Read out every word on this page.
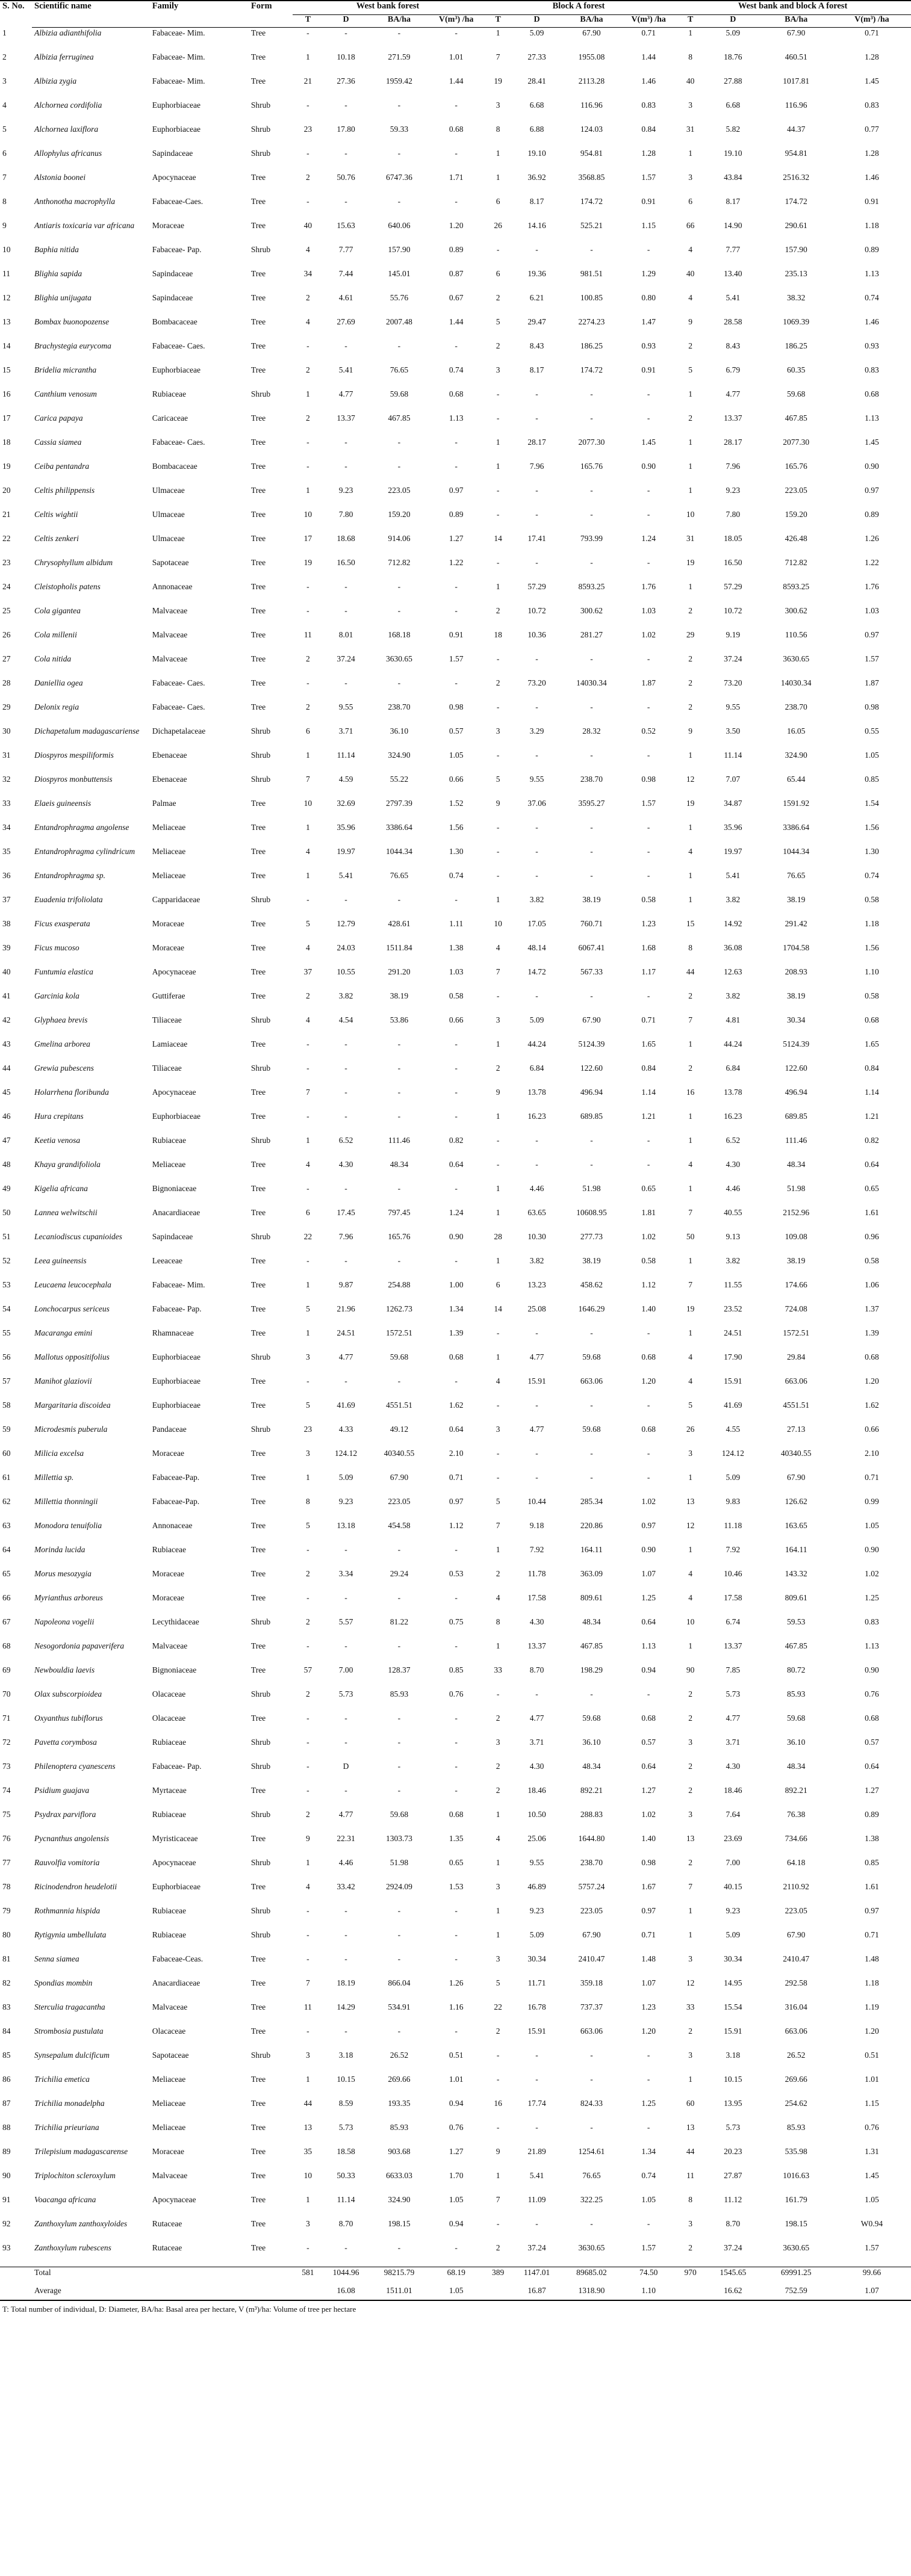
S. No.	Scientific name	Family	Form	West bank forest				Block A forest				West bank and block A forest			
				T	D	BA/ha	V(m³) /ha	T	D	BA/ha	V(m³) /ha	T	D	BA/ha	V(m³) /ha
1	Albizia adianthifolia	Fabaceae- Mim.	Tree	-	-	-	-	1	5.09	67.90	0.71	1	5.09	67.90	0.71
2	Albizia ferruginea	Fabaceae- Mim.	Tree	1	10.18	271.59	1.01	7	27.33	1955.08	1.44	8	18.76	460.51	1.28
3	Albizia zygia	Fabaceae- Mim.	Tree	21	27.36	1959.42	1.44	19	28.41	2113.28	1.46	40	27.88	1017.81	1.45
4	Alchornea cordifolia	Euphorbiaceae	Shrub	-	-	-	-	3	6.68	116.96	0.83	3	6.68	116.96	0.83
5	Alchornea laxiflora	Euphorbiaceae	Shrub	23	17.80	59.33	0.68	8	6.88	124.03	0.84	31	5.82	44.37	0.77
6	Allophylus africanus	Sapindaceae	Shrub	-	-	-	-	1	19.10	954.81	1.28	1	19.10	954.81	1.28
7	Alstonia boonei	Apocynaceae	Tree	2	50.76	6747.36	1.71	1	36.92	3568.85	1.57	3	43.84	2516.32	1.46
8	Anthonotha macrophylla	Fabaceae-Caes.	Tree	-	-	-	-	6	8.17	174.72	0.91	6	8.17	174.72	0.91
9	Antiaris toxicaria var africana	Moraceae	Tree	40	15.63	640.06	1.20	26	14.16	525.21	1.15	66	14.90	290.61	1.18
10	Baphia nitida	Fabaceae- Pap.	Shrub	4	7.77	157.90	0.89	-	-	-	-	4	7.77	157.90	0.89
11	Blighia sapida	Sapindaceae	Tree	34	7.44	145.01	0.87	6	19.36	981.51	1.29	40	13.40	235.13	1.13
12	Blighia unijugata	Sapindaceae	Tree	2	4.61	55.76	0.67	2	6.21	100.85	0.80	4	5.41	38.32	0.74
13	Bombax buonopozense	Bombacaceae	Tree	4	27.69	2007.48	1.44	5	29.47	2274.23	1.47	9	28.58	1069.39	1.46
14	Brachystegia eurycoma	Fabaceae- Caes.	Tree	-	-	-	-	2	8.43	186.25	0.93	2	8.43	186.25	0.93
15	Bridelia micrantha	Euphorbiaceae	Tree	2	5.41	76.65	0.74	3	8.17	174.72	0.91	5	6.79	60.35	0.83
16	Canthium venosum	Rubiaceae	Shrub	1	4.77	59.68	0.68	-	-	-	-	1	4.77	59.68	0.68
17	Carica papaya	Caricaceae	Tree	2	13.37	467.85	1.13	-	-	-	-	2	13.37	467.85	1.13
18	Cassia siamea	Fabaceae- Caes.	Tree	-	-	-	-	1	28.17	2077.30	1.45	1	28.17	2077.30	1.45
19	Ceiba pentandra	Bombacaceae	Tree	-	-	-	-	1	7.96	165.76	0.90	1	7.96	165.76	0.90
20	Celtis philippensis	Ulmaceae	Tree	1	9.23	223.05	0.97	-	-	-	-	1	9.23	223.05	0.97
21	Celtis wightii	Ulmaceae	Tree	10	7.80	159.20	0.89	-	-	-	-	10	7.80	159.20	0.89
22	Celtis zenkeri	Ulmaceae	Tree	17	18.68	914.06	1.27	14	17.41	793.99	1.24	31	18.05	426.48	1.26
23	Chrysophyllum albidum	Sapotaceae	Tree	19	16.50	712.82	1.22	-	-	-	-	19	16.50	712.82	1.22
24	Cleistopholis patens	Annonaceae	Tree	-	-	-	-	1	57.29	8593.25	1.76	1	57.29	8593.25	1.76
25	Cola gigantea	Malvaceae	Tree	-	-	-	-	2	10.72	300.62	1.03	2	10.72	300.62	1.03
26	Cola millenii	Malvaceae	Tree	11	8.01	168.18	0.91	18	10.36	281.27	1.02	29	9.19	110.56	0.97
27	Cola nitida	Malvaceae	Tree	2	37.24	3630.65	1.57	-	-	-	-	2	37.24	3630.65	1.57
28	Daniellia ogea	Fabaceae- Caes.	Tree	-	-	-	-	2	73.20	14030.34	1.87	2	73.20	14030.34	1.87
29	Delonix regia	Fabaceae- Caes.	Tree	2	9.55	238.70	0.98	-	-	-	-	2	9.55	238.70	0.98
30	Dichapetalum madagascariense	Dichapetalaceae	Shrub	6	3.71	36.10	0.57	3	3.29	28.32	0.52	9	3.50	16.05	0.55
31	Diospyros mespiliformis	Ebenaceae	Shrub	1	11.14	324.90	1.05	-	-	-	-	1	11.14	324.90	1.05
32	Diospyros monbuttensis	Ebenaceae	Shrub	7	4.59	55.22	0.66	5	9.55	238.70	0.98	12	7.07	65.44	0.85
33	Elaeis guineensis	Palmae	Tree	10	32.69	2797.39	1.52	9	37.06	3595.27	1.57	19	34.87	1591.92	1.54
34	Entandrophragma angolense	Meliaceae	Tree	1	35.96	3386.64	1.56	-	-	-	-	1	35.96	3386.64	1.56
35	Entandrophragma cylindricum	Meliaceae	Tree	4	19.97	1044.34	1.30	-	-	-	-	4	19.97	1044.34	1.30
36	Entandrophragma sp.	Meliaceae	Tree	1	5.41	76.65	0.74	-	-	-	-	1	5.41	76.65	0.74
37	Euadenia trifoliolata	Capparidaceae	Shrub	-	-	-	-	1	3.82	38.19	0.58	1	3.82	38.19	0.58
38	Ficus exasperata	Moraceae	Tree	5	12.79	428.61	1.11	10	17.05	760.71	1.23	15	14.92	291.42	1.18
39	Ficus mucoso	Moraceae	Tree	4	24.03	1511.84	1.38	4	48.14	6067.41	1.68	8	36.08	1704.58	1.56
40	Funtumia elastica	Apocynaceae	Tree	37	10.55	291.20	1.03	7	14.72	567.33	1.17	44	12.63	208.93	1.10
41	Garcinia kola	Guttiferae	Tree	2	3.82	38.19	0.58	-	-	-	-	2	3.82	38.19	0.58
42	Glyphaea brevis	Tiliaceae	Shrub	4	4.54	53.86	0.66	3	5.09	67.90	0.71	7	4.81	30.34	0.68
43	Gmelina arborea	Lamiaceae	Tree	-	-	-	-	1	44.24	5124.39	1.65	1	44.24	5124.39	1.65
44	Grewia pubescens	Tiliaceae	Shrub	-	-	-	-	2	6.84	122.60	0.84	2	6.84	122.60	0.84
45	Holarrhena floribunda	Apocynaceae	Tree	7	-	-	-	9	13.78	496.94	1.14	16	13.78	496.94	1.14
46	Hura crepitans	Euphorbiaceae	Tree	-	-	-	-	1	16.23	689.85	1.21	1	16.23	689.85	1.21
47	Keetia venosa	Rubiaceae	Shrub	1	6.52	111.46	0.82	-	-	-	-	1	6.52	111.46	0.82
48	Khaya grandifoliola	Meliaceae	Tree	4	4.30	48.34	0.64	-	-	-	-	4	4.30	48.34	0.64
49	Kigelia africana	Bignoniaceae	Tree	-	-	-	-	1	4.46	51.98	0.65	1	4.46	51.98	0.65
50	Lannea welwitschii	Anacardiaceae	Tree	6	17.45	797.45	1.24	1	63.65	10608.95	1.81	7	40.55	2152.96	1.61
51	Lecaniodiscus cupanioides	Sapindaceae	Shrub	22	7.96	165.76	0.90	28	10.30	277.73	1.02	50	9.13	109.08	0.96
52	Leea guineensis	Leeaceae	Tree	-	-	-	-	1	3.82	38.19	0.58	1	3.82	38.19	0.58
53	Leucaena leucocephala	Fabaceae- Mim.	Tree	1	9.87	254.88	1.00	6	13.23	458.62	1.12	7	11.55	174.66	1.06
54	Lonchocarpus sericeus	Fabaceae- Pap.	Tree	5	21.96	1262.73	1.34	14	25.08	1646.29	1.40	19	23.52	724.08	1.37
55	Macaranga emini	Rhamnaceae	Tree	1	24.51	1572.51	1.39	-	-	-	-	1	24.51	1572.51	1.39
56	Mallotus oppositifolius	Euphorbiaceae	Shrub	3	4.77	59.68	0.68	1	4.77	59.68	0.68	4	17.90	29.84	0.68
57	Manihot glaziovii	Euphorbiaceae	Tree	-	-	-	-	4	15.91	663.06	1.20	4	15.91	663.06	1.20
58	Margaritaria discoidea	Euphorbiaceae	Tree	5	41.69	4551.51	1.62	-	-	-	-	5	41.69	4551.51	1.62
59	Microdesmis puberula	Pandaceae	Shrub	23	4.33	49.12	0.64	3	4.77	59.68	0.68	26	4.55	27.13	0.66
60	Milicia excelsa	Moraceae	Tree	3	124.12	40340.55	2.10	-	-	-	-	3	124.12	40340.55	2.10
61	Millettia sp.	Fabaceae-Pap.	Tree	1	5.09	67.90	0.71	-	-	-	-	1	5.09	67.90	0.71
62	Millettia thonningii	Fabaceae-Pap.	Tree	8	9.23	223.05	0.97	5	10.44	285.34	1.02	13	9.83	126.62	0.99
63	Monodora tenuifolia	Annonaceae	Tree	5	13.18	454.58	1.12	7	9.18	220.86	0.97	12	11.18	163.65	1.05
64	Morinda lucida	Rubiaceae	Tree	-	-	-	-	1	7.92	164.11	0.90	1	7.92	164.11	0.90
65	Morus mesozygia	Moraceae	Tree	2	3.34	29.24	0.53	2	11.78	363.09	1.07	4	10.46	143.32	1.02
66	Myrianthus arboreus	Moraceae	Tree	-	-	-	-	4	17.58	809.61	1.25	4	17.58	809.61	1.25
67	Napoleona vogelii	Lecythidaceae	Shrub	2	5.57	81.22	0.75	8	4.30	48.34	0.64	10	6.74	59.53	0.83
68	Nesogordonia papaverifera	Malvaceae	Tree	-	-	-	-	1	13.37	467.85	1.13	1	13.37	467.85	1.13
69	Newbouldia laevis	Bignoniaceae	Tree	57	7.00	128.37	0.85	33	8.70	198.29	0.94	90	7.85	80.72	0.90
70	Olax subscorpioidea	Olacaceae	Shrub	2	5.73	85.93	0.76	-	-	-	-	2	5.73	85.93	0.76
71	Oxyanthus tubiflorus	Olacaceae	Tree	-	-	-	-	2	4.77	59.68	0.68	2	4.77	59.68	0.68
72	Pavetta corymbosa	Rubiaceae	Shrub	-	-	-	-	3	3.71	36.10	0.57	3	3.71	36.10	0.57
73	Philenoptera cyanescens	Fabaceae- Pap.	Shrub	-	D	-	-	2	4.30	48.34	0.64	2	4.30	48.34	0.64
74	Psidium guajava	Myrtaceae	Tree	-	-	-	-	2	18.46	892.21	1.27	2	18.46	892.21	1.27
75	Psydrax parviflora	Rubiaceae	Shrub	2	4.77	59.68	0.68	1	10.50	288.83	1.02	3	7.64	76.38	0.89
76	Pycnanthus angolensis	Myristicaceae	Tree	9	22.31	1303.73	1.35	4	25.06	1644.80	1.40	13	23.69	734.66	1.38
77	Rauvolfia vomitoria	Apocynaceae	Shrub	1	4.46	51.98	0.65	1	9.55	238.70	0.98	2	7.00	64.18	0.85
78	Ricinodendron heudelotii	Euphorbiaceae	Tree	4	33.42	2924.09	1.53	3	46.89	5757.24	1.67	7	40.15	2110.92	1.61
79	Rothmannia hispida	Rubiaceae	Shrub	-	-	-	-	1	9.23	223.05	0.97	1	9.23	223.05	0.97
80	Rytigynia umbellulata	Rubiaceae	Shrub	-	-	-	-	1	5.09	67.90	0.71	1	5.09	67.90	0.71
81	Senna siamea	Fabaceae-Ceas.	Tree	-	-	-	-	3	30.34	2410.47	1.48	3	30.34	2410.47	1.48
82	Spondias mombin	Anacardiaceae	Tree	7	18.19	866.04	1.26	5	11.71	359.18	1.07	12	14.95	292.58	1.18
83	Sterculia tragacantha	Malvaceae	Tree	11	14.29	534.91	1.16	22	16.78	737.37	1.23	33	15.54	316.04	1.19
84	Strombosia pustulata	Olacaceae	Tree	-	-	-	-	2	15.91	663.06	1.20	2	15.91	663.06	1.20
85	Synsepalum dulcificum	Sapotaceae	Shrub	3	3.18	26.52	0.51	-	-	-	-	3	3.18	26.52	0.51
86	Trichilia emetica	Meliaceae	Tree	1	10.15	269.66	1.01	-	-	-	-	1	10.15	269.66	1.01
87	Trichilia monadelpha	Meliaceae	Tree	44	8.59	193.35	0.94	16	17.74	824.33	1.25	60	13.95	254.62	1.15
88	Trichilia prieuriana	Meliaceae	Tree	13	5.73	85.93	0.76	-	-	-	-	13	5.73	85.93	0.76
89	Trilepisium madagascarense	Moraceae	Tree	35	18.58	903.68	1.27	9	21.89	1254.61	1.34	44	20.23	535.98	1.31
90	Triplochiton scleroxylum	Malvaceae	Tree	10	50.33	6633.03	1.70	1	5.41	76.65	0.74	11	27.87	1016.63	1.45
91	Voacanga africana	Apocynaceae	Tree	1	11.14	324.90	1.05	7	11.09	322.25	1.05	8	11.12	161.79	1.05
92	Zanthoxylum zanthoxyloides	Rutaceae	Tree	3	8.70	198.15	0.94	-	-	-	-	3	8.70	198.15	W0.94
93	Zanthoxylum rubescens	Rutaceae	Tree	-	-	-	-	2	37.24	3630.65	1.57	2	37.24	3630.65	1.57
	Total			581	1044.96	98215.79	68.19	389	1147.01	89685.02	74.50	970	1545.65	69991.25	99.66
	Average				16.08	1511.01	1.05		16.87	1318.90	1.10		16.62	752.59	1.07
T: Total number of individual, D: Diameter, BA/ha: Basal area per hectare, V (m³)/ha: Volume of tree per hectare
